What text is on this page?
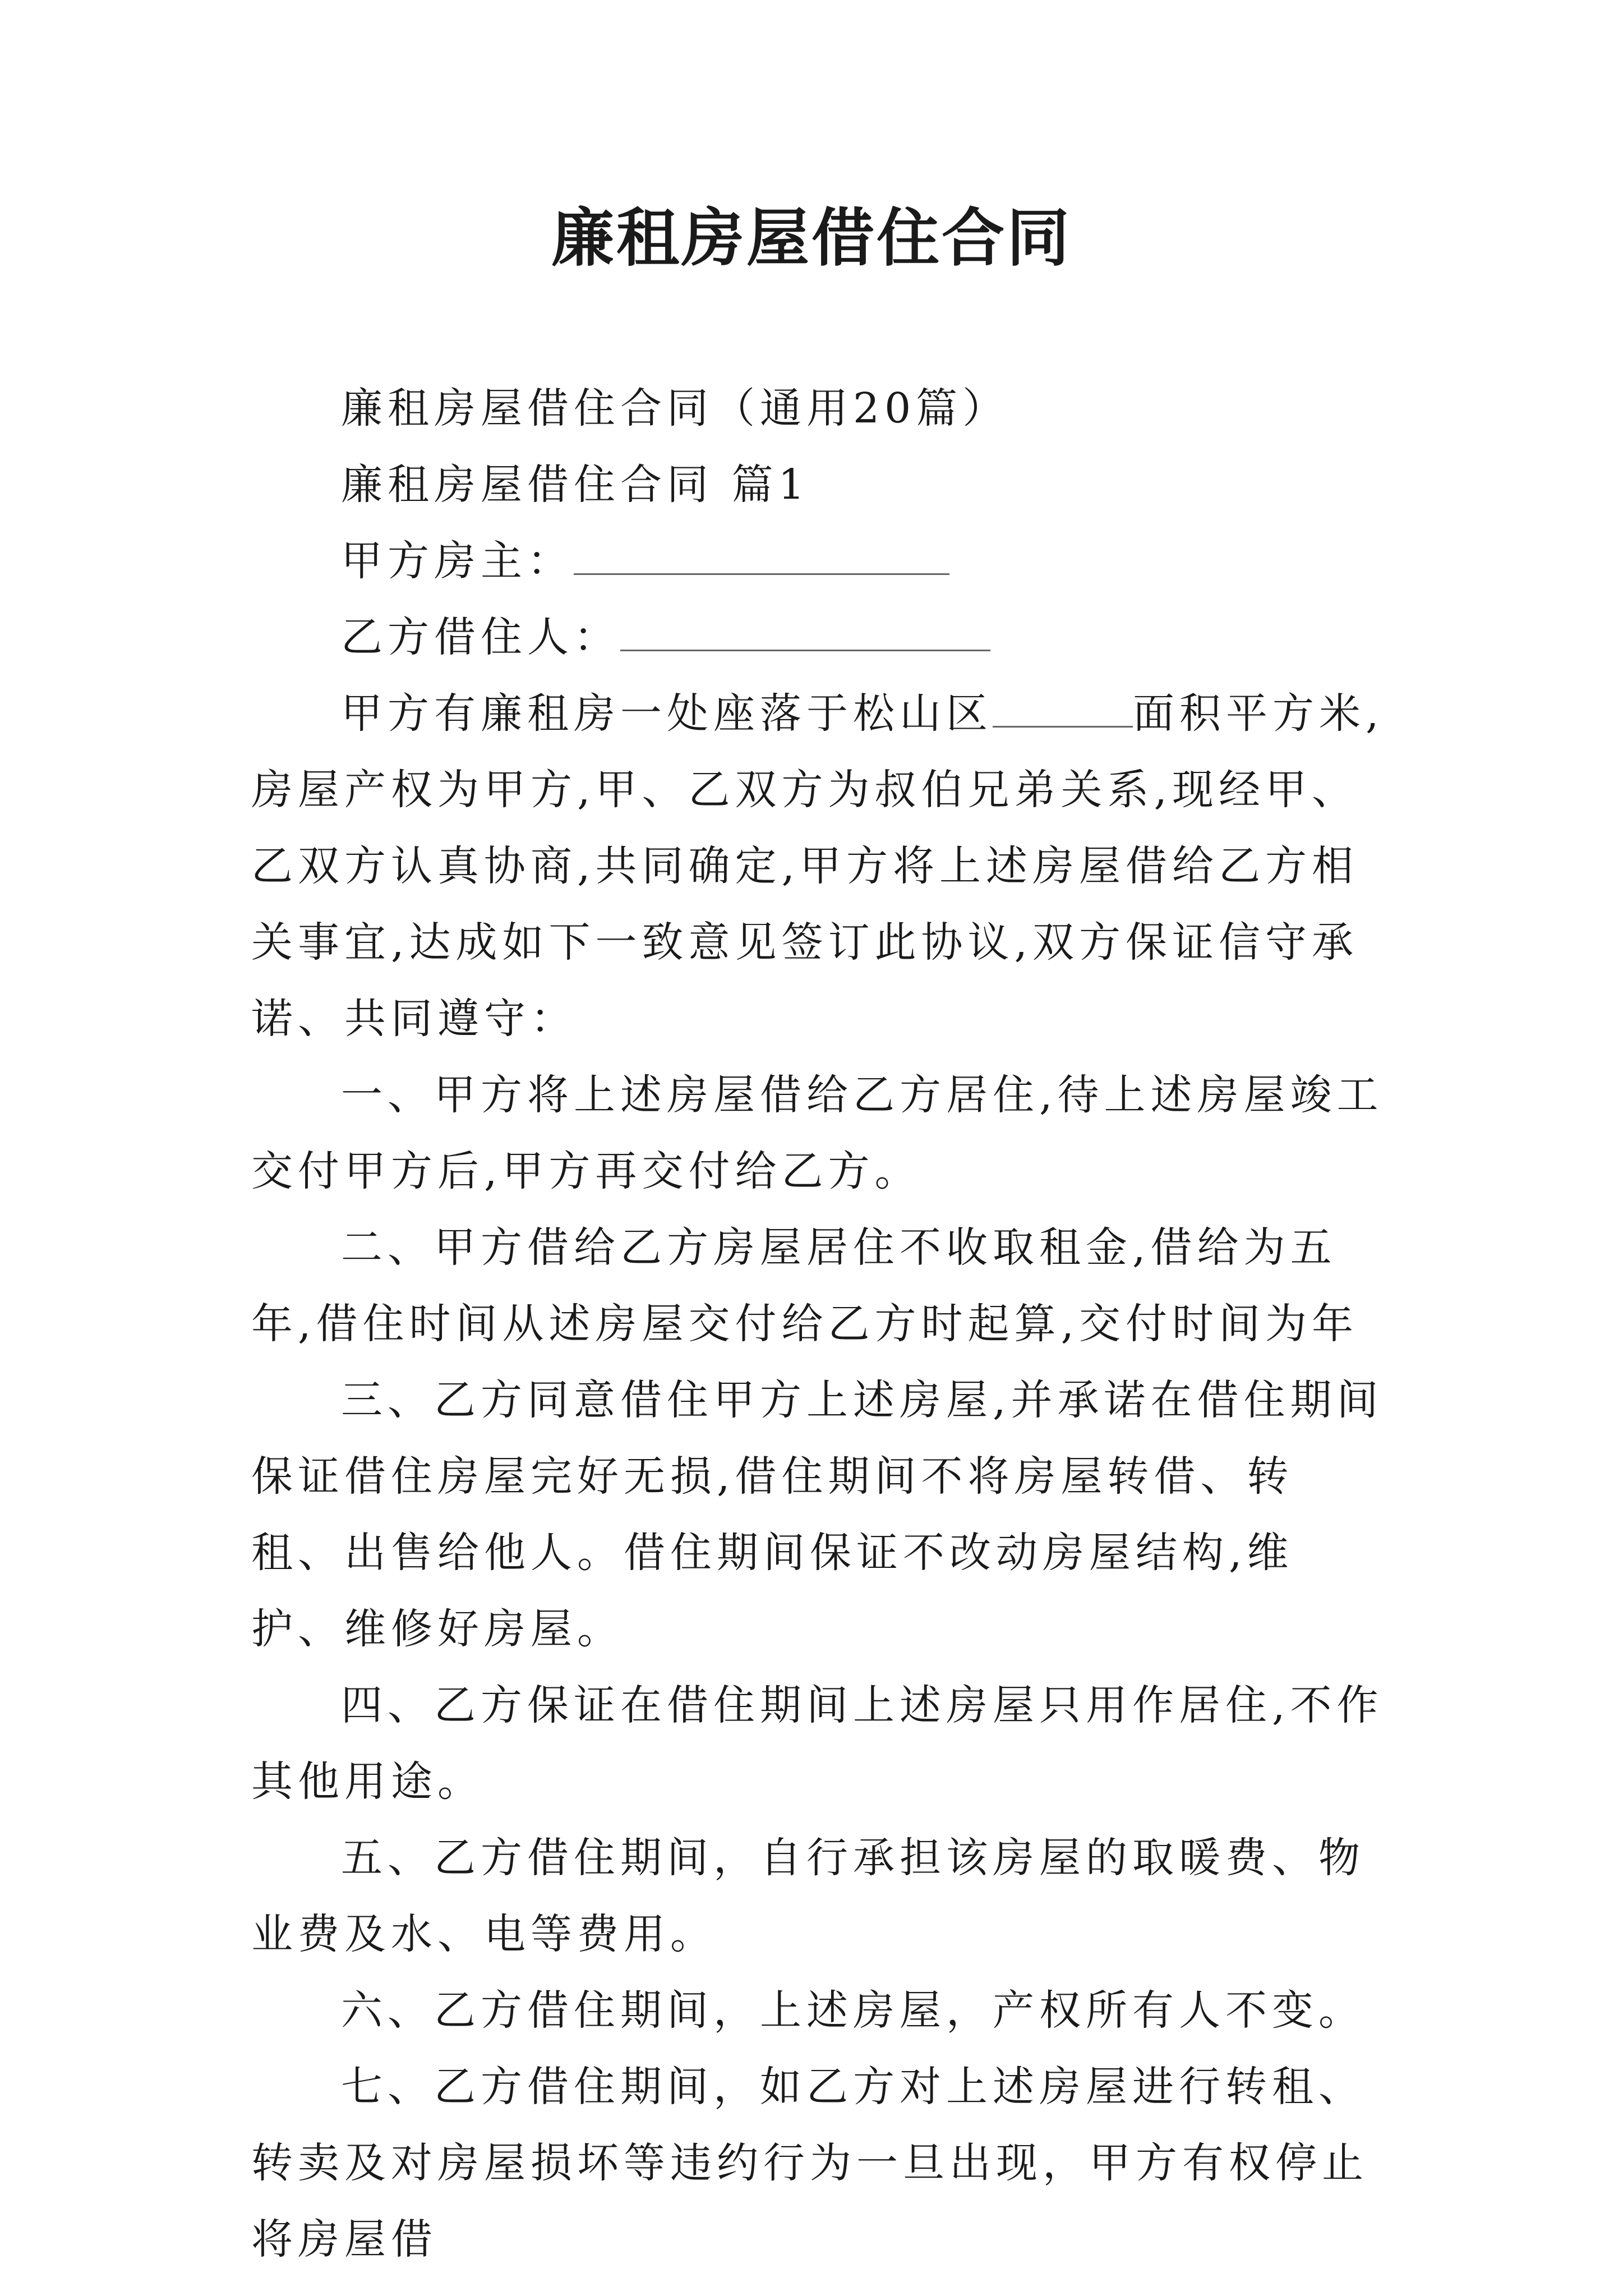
廉租房屋借住合同

廉租房屋借住合同（通用20篇）

廉租房屋借住合同 篇1

甲方房主：

乙方借住人：

甲方有廉租房一处座落于松山区	面积平方米,房屋产权为甲方,甲、乙双方为叔伯兄弟关系,现经甲、乙双方认真协商,共同确定,甲方将上述房屋借给乙方相关事宜,达成如下一致意见签订此协议,双方保证信守承诺、共同遵守：

一、甲方将上述房屋借给乙方居住,待上述房屋竣工交付甲方后,甲方再交付给乙方。

二、甲方借给乙方房屋居住不收取租金,借给为五年,借住时间从述房屋交付给乙方时起算,交付时间为年

三、乙方同意借住甲方上述房屋,并承诺在借住期间保证借住房屋完好无损,借住期间不将房屋转借、转租、出售给他人。借住期间保证不改动房屋结构,维护、维修好房屋。

四、乙方保证在借住期间上述房屋只用作居住,不作其他用途。

五、乙方借住期间，自行承担该房屋的取暖费、物业费及水、电等费用。

六、乙方借住期间，上述房屋，产权所有人不变。

七、乙方借住期间，如乙方对上述房屋进行转租、转卖及对房屋损坏等违约行为一旦出现，甲方有权停止将房屋借
